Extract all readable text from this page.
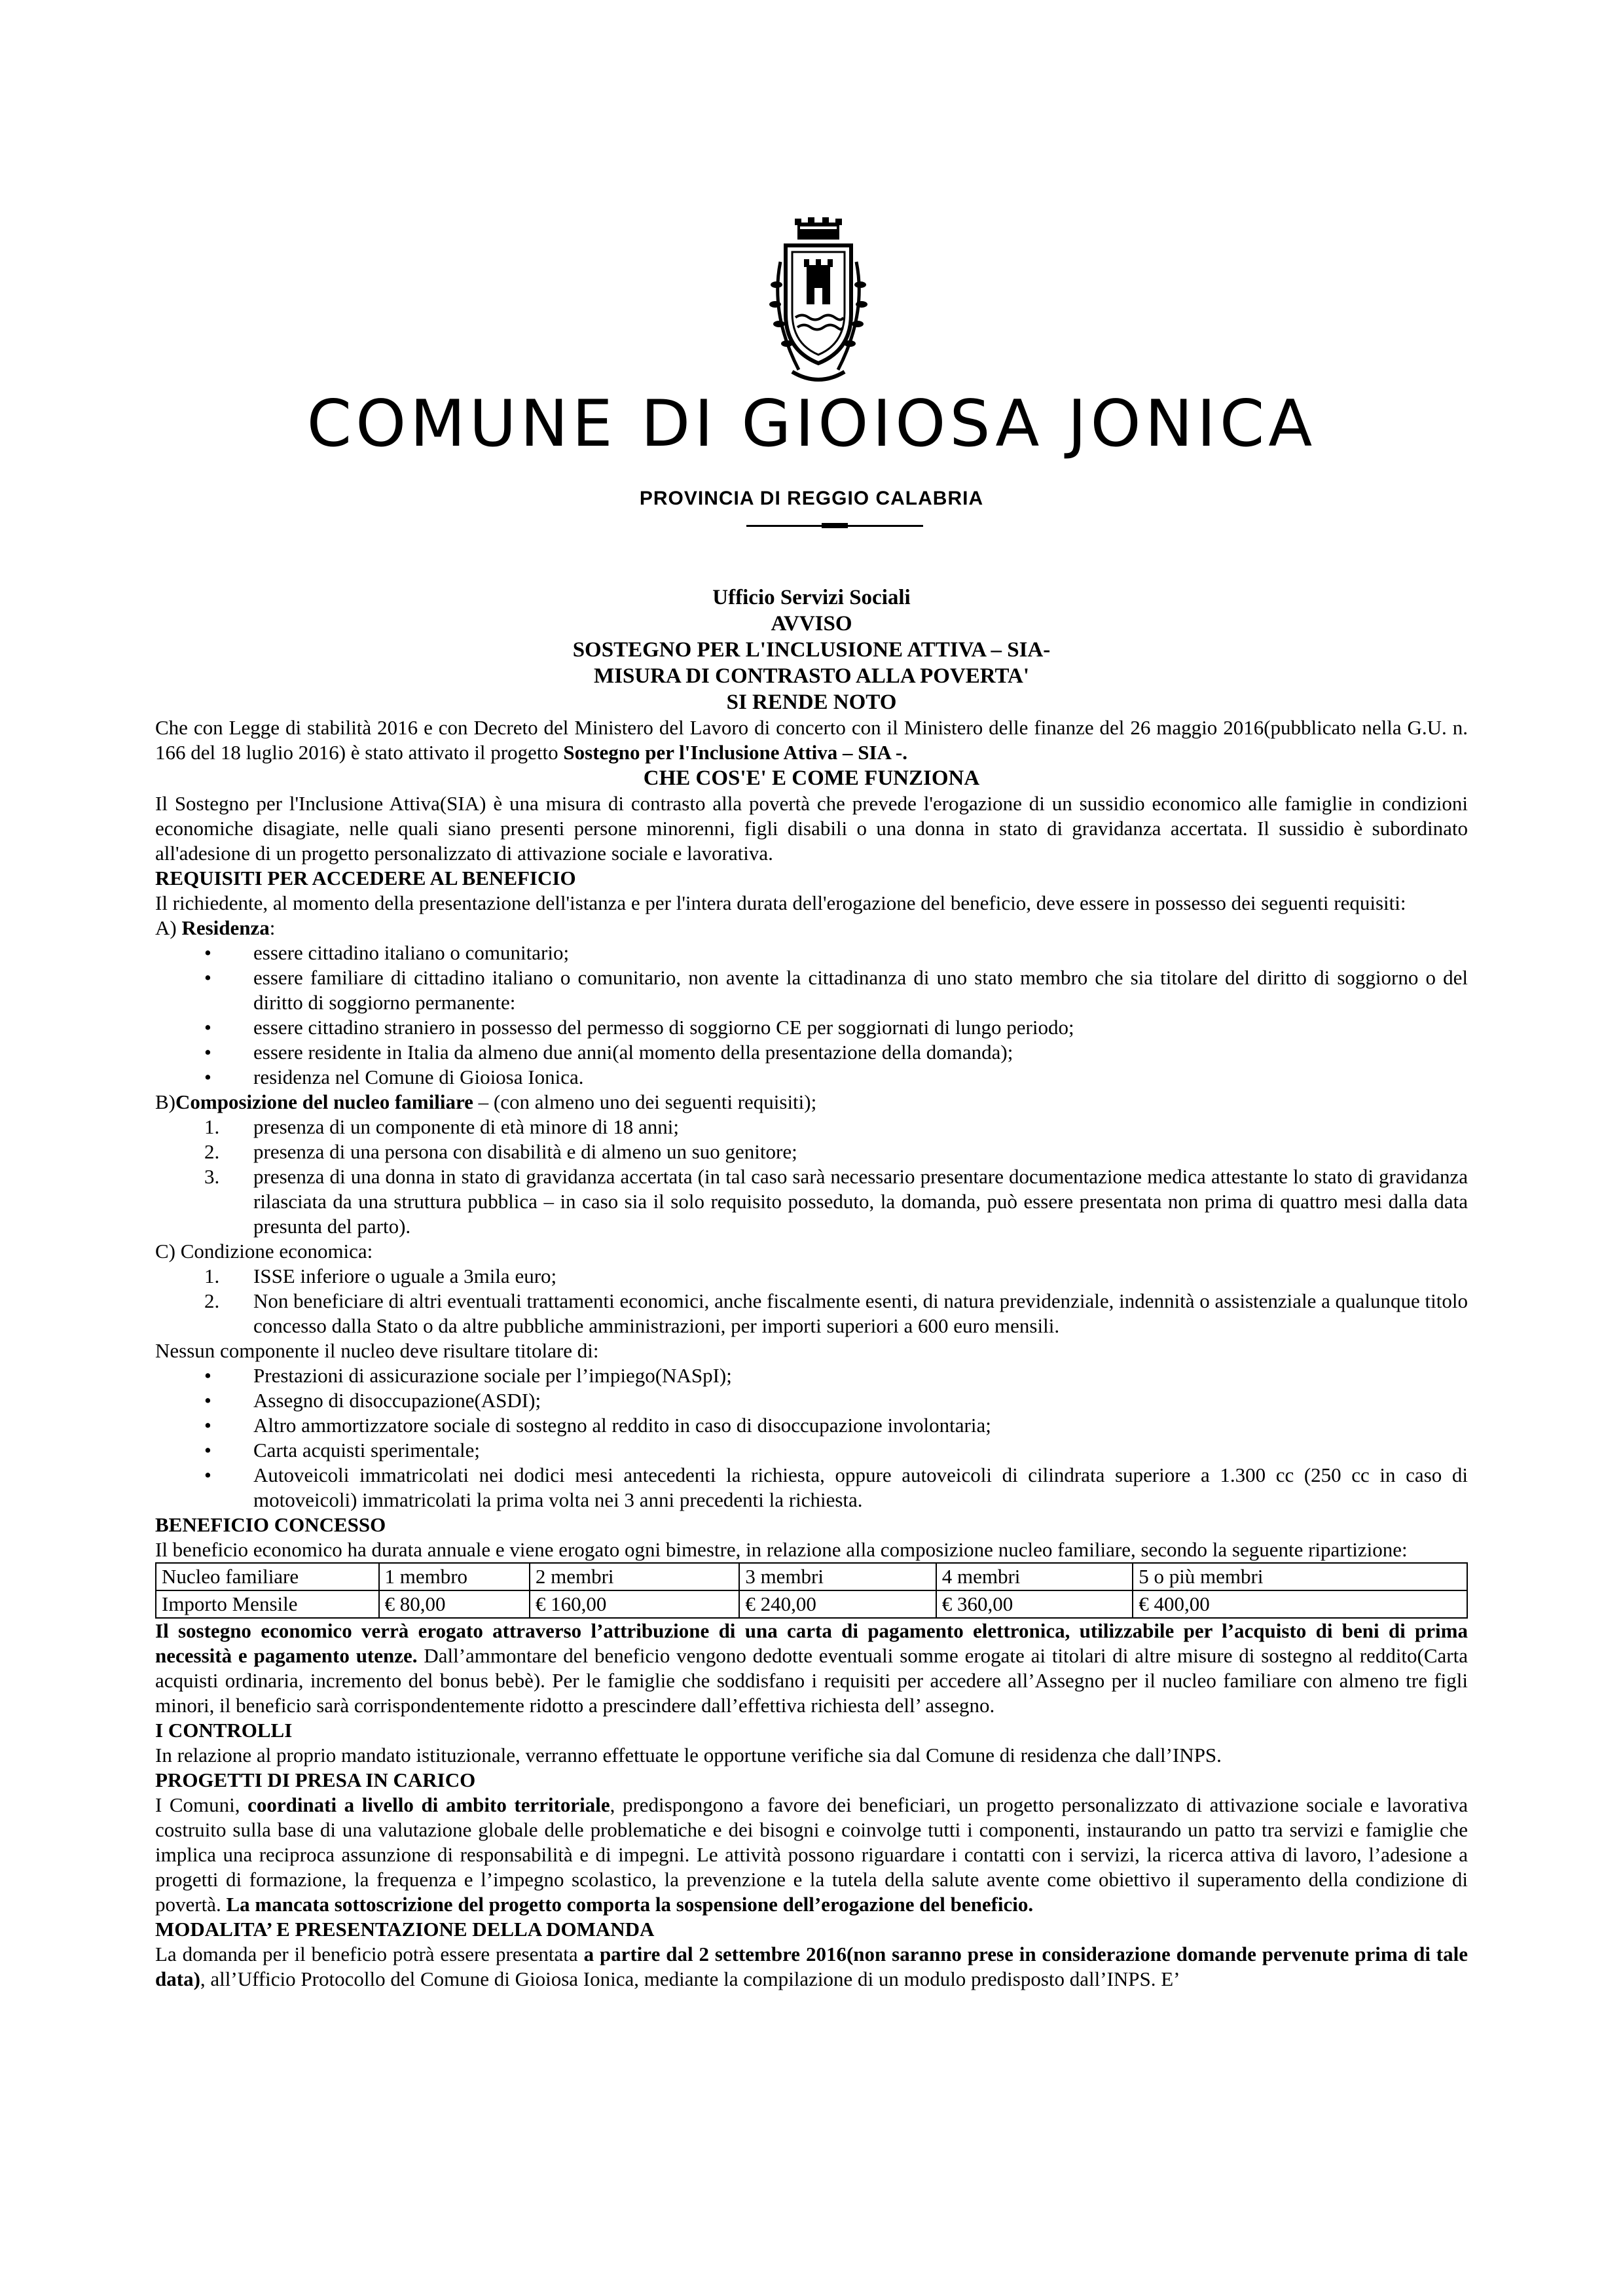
COMUNE DI GIOIOSA JONICA
PROVINCIA DI REGGIO CALABRIA
Ufficio Servizi Sociali
AVVISO
SOSTEGNO PER L'INCLUSIONE ATTIVA – SIA-
MISURA DI CONTRASTO ALLA POVERTA'
SI RENDE NOTO

Che con Legge di stabilità 2016 e con Decreto del Ministero del Lavoro di concerto con il Ministero delle finanze del 26 maggio 2016(pubblicato nella G.U. n. 166 del 18 luglio 2016) è stato attivato il progetto Sostegno per l'Inclusione Attiva – SIA -.

CHE COS'E' E COME FUNZIONA

Il Sostegno per l'Inclusione Attiva(SIA) è una misura di contrasto alla povertà che prevede l'erogazione di un sussidio economico alle famiglie in condizioni economiche disagiate, nelle quali siano presenti persone minorenni, figli disabili o una donna in stato di gravidanza accertata. Il sussidio è subordinato all'adesione di un progetto personalizzato di attivazione sociale e lavorativa.

REQUISITI PER ACCEDERE AL BENEFICIO

Il richiedente, al momento della presentazione dell'istanza e per l'intera durata dell'erogazione del beneficio, deve essere in possesso dei seguenti requisiti:

A) Residenza:

• essere cittadino italiano o comunitario;
• essere familiare di cittadino italiano o comunitario, non avente la cittadinanza di uno stato membro che sia titolare del diritto di soggiorno o del diritto di soggiorno permanente:
• essere cittadino straniero in possesso del permesso di soggiorno CE per soggiornati di lungo periodo;
• essere residente in Italia da almeno due anni(al momento della presentazione della domanda);
• residenza nel Comune di Gioiosa Ionica.

B)Composizione del nucleo familiare – (con almeno uno dei seguenti requisiti);

1. presenza di un componente di età minore di 18 anni;
2. presenza di una persona con disabilità e di almeno un suo genitore;
3. presenza di una donna in stato di gravidanza accertata (in tal caso sarà necessario presentare documentazione medica attestante lo stato di gravidanza rilasciata da una struttura pubblica – in caso sia il solo requisito posseduto, la domanda, può essere presentata non prima di quattro mesi dalla data presunta del parto).

C) Condizione economica:

1. ISSE inferiore o uguale a 3mila euro;
2. Non beneficiare di altri eventuali trattamenti economici, anche fiscalmente esenti, di natura previdenziale, indennità o assistenziale a qualunque titolo concesso dalla Stato o da altre pubbliche amministrazioni, per importi superiori a 600 euro mensili.

Nessun componente il nucleo deve risultare titolare di:

• Prestazioni di assicurazione sociale per l’impiego(NASpI);
• Assegno di disoccupazione(ASDI);
• Altro ammortizzatore sociale di sostegno al reddito in caso di disoccupazione involontaria;
• Carta acquisti sperimentale;
• Autoveicoli immatricolati nei dodici mesi antecedenti la richiesta, oppure autoveicoli di cilindrata superiore a 1.300 cc (250 cc in caso di motoveicoli) immatricolati la prima volta nei 3 anni precedenti la richiesta.

BENEFICIO CONCESSO

Il beneficio economico ha durata annuale e viene erogato ogni bimestre, in relazione alla composizione nucleo familiare, secondo la seguente ripartizione:

Nucleo familiare	1 membro	2 membri	3 membri	4 membri	5 o più membri
Importo Mensile	€ 80,00	€ 160,00	€ 240,00	€ 360,00	€ 400,00

Il sostegno economico verrà erogato attraverso l’attribuzione di una carta di pagamento elettronica, utilizzabile per l’acquisto di beni di prima necessità e pagamento utenze. Dall’ammontare del beneficio vengono dedotte eventuali somme erogate ai titolari di altre misure di sostegno al reddito(Carta acquisti ordinaria, incremento del bonus bebè). Per le famiglie che soddisfano i requisiti per accedere all’Assegno per il nucleo familiare con almeno tre figli minori, il beneficio sarà corrispondentemente ridotto a prescindere dall’effettiva richiesta dell’ assegno.

I CONTROLLI

In relazione al proprio mandato istituzionale, verranno effettuate le opportune verifiche sia dal Comune di residenza che dall’INPS.

PROGETTI DI PRESA IN CARICO

I Comuni, coordinati a livello di ambito territoriale, predispongono a favore dei beneficiari, un progetto personalizzato di attivazione sociale e lavorativa costruito sulla base di una valutazione globale delle problematiche e dei bisogni e coinvolge tutti i componenti, instaurando un patto tra servizi e famiglie che implica una reciproca assunzione di responsabilità e di impegni. Le attività possono riguardare i contatti con i servizi, la ricerca attiva di lavoro, l’adesione a progetti di formazione, la frequenza e l’impegno scolastico, la prevenzione e la tutela della salute avente come obiettivo il superamento della condizione di povertà. La mancata sottoscrizione del progetto comporta la sospensione dell’erogazione del beneficio.

MODALITA’ E PRESENTAZIONE DELLA DOMANDA

La domanda per il beneficio potrà essere presentata a partire dal 2 settembre 2016(non saranno prese in considerazione domande pervenute prima di tale data), all’Ufficio Protocollo del Comune di Gioiosa Ionica, mediante la compilazione di un modulo predisposto dall’INPS. E’
